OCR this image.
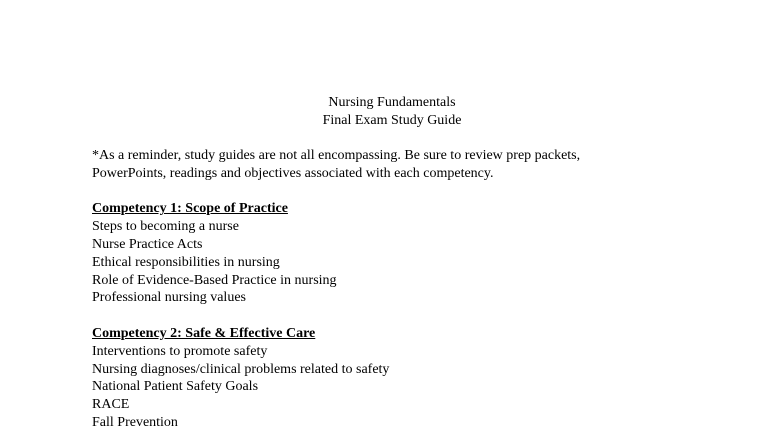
Nursing Fundamentals
Final Exam Study Guide
*As a reminder, study guides are not all encompassing. Be sure to review prep packets,
PowerPoints, readings and objectives associated with each competency.
Competency 1: Scope of Practice
Steps to becoming a nurse
Nurse Practice Acts
Ethical responsibilities in nursing
Role of Evidence-Based Practice in nursing
Professional nursing values
Competency 2: Safe & Effective Care
Interventions to promote safety
Nursing diagnoses/clinical problems related to safety
National Patient Safety Goals
RACE
Fall Prevention
